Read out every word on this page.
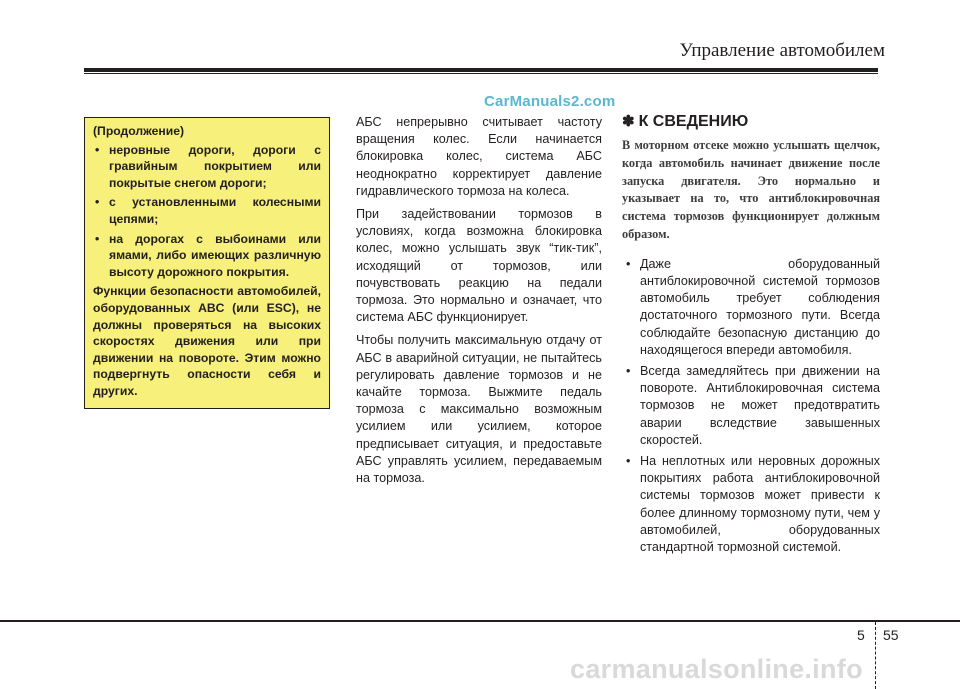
Управление автомобилем
CarManuals2.com

(Продолжение)

• неровные дороги, дороги с гравийным покрытием или покрытые снегом дороги;
• с установленными колесными цепями;
• на дорогах с выбоинами или ямами, либо имеющих различную высоту дорожного покрытия.

Функции безопасности автомобилей, оборудованных ABC (или ESC), не должны проверяться на высоких скоростях движения или при движении на повороте. Этим можно подвергнуть опасности себя и других.

АБС непрерывно считывает частоту вращения колес. Если начинается блокировка колес, система АБС неоднократно корректирует давление гидравлического тормоза на колеса.

При задействовании тормозов в условиях, когда возможна блокировка колес, можно услышать звук “тик-тик”, исходящий от тормозов, или почувствовать реакцию на педали тормоза. Это нормально и означает, что система АБС функционирует.

Чтобы получить максимальную отдачу от АБС в аварийной ситуации, не пытайтесь регулировать давление тормозов и не качайте тормоза. Выжмите педаль тормоза с максимально возможным усилием или усилием, которое предписывает ситуация, и предоставьте АБС управлять усилием, передаваемым на тормоза.

✽ К СВЕДЕНИЮ

В моторном отсеке можно услышать щелчок, когда автомобиль начинает движение после запуска двигателя. Это нормально и указывает на то, что антиблокировочная система тормозов функционирует должным образом.

• Даже оборудованный антиблокировочной системой тормозов автомобиль требует соблюдения достаточного тормозного пути. Всегда соблюдайте безопасную дистанцию до находящегося впереди автомобиля.
• Всегда замедляйтесь при движении на повороте. Антиблокировочная система тормозов не может предотвратить аварии вследствие завышенных скоростей.
• На неплотных или неровных дорожных покрытиях работа антиблокировочной системы тормозов может привести к более длинному тормозному пути, чем у автомобилей, оборудованных стандартной тормозной системой.
5 55
carmanualsonline.info
